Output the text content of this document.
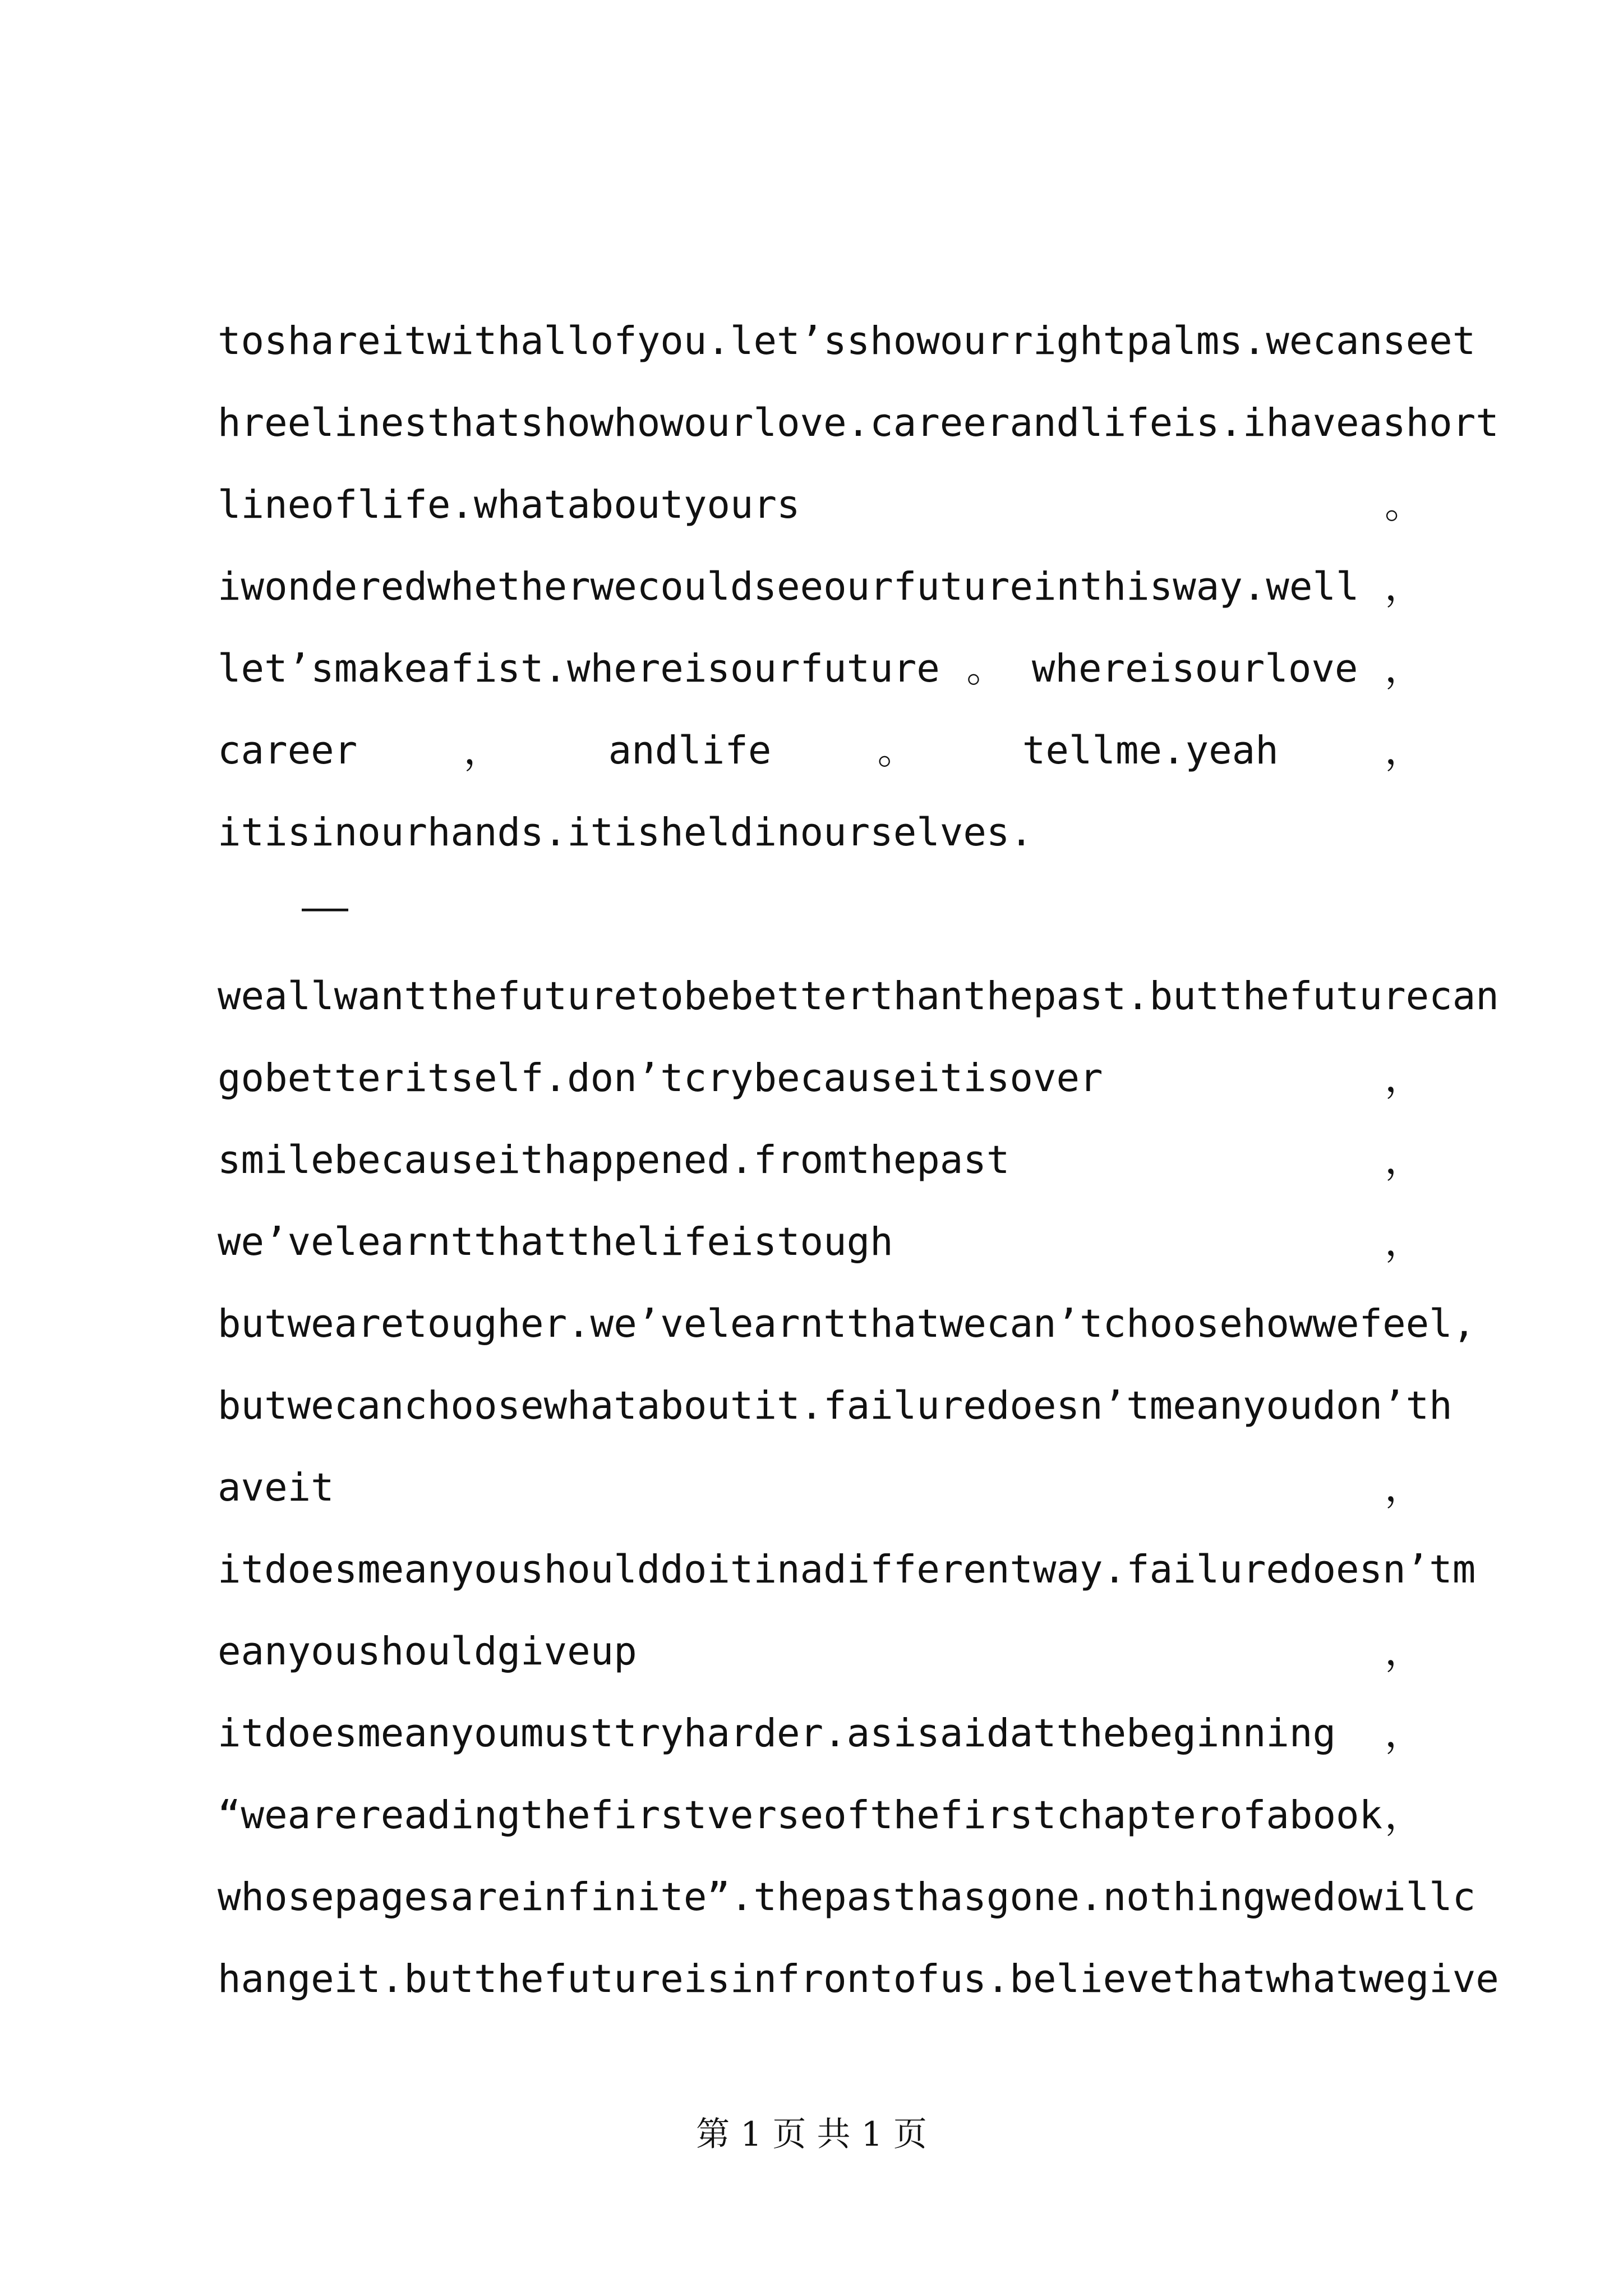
toshareitwithallofyou.let’sshowourrightpalms.wecanseet
hreelinesthatshowhowourlove.careerandlifeis.ihaveashort
lineoflife.whataboutyours	。
iwonderedwhetherwecouldseeourfutureinthisway.well ，
let’smakeafist.whereisourfuture 。 whereisourlove ，
career	，	andlife	。	tellme.yeah	，
itisinourhands.itisheldinourselves.
——
weallwantthefuturetobebetterthanthepast.butthefuturecan
gobetteritself.don’tcrybecauseitisover	，
smilebecauseithappened.fromthepast	，
we’velearntthatthelifeistough	，
butwearetougher.we’velearntthatwecan’tchoosehowwefeel,
butwecanchoosewhataboutit.failuredoesn’tmeanyoudon’th
aveit	，
itdoesmeanyoushoulddoitinadifferentway.failuredoesn’tm
eanyoushouldgiveup	，
itdoesmeanyoumusttryharder.asisaidatthebeginning ，
“wearereadingthefirstverseofthefirstchapterofabook ，
whosepagesareinfinite”.thepasthasgone.nothingwedowillc
hangeit.butthefutureisinfrontofus.believethatwhatwegive
第 1 页 共 1 页
